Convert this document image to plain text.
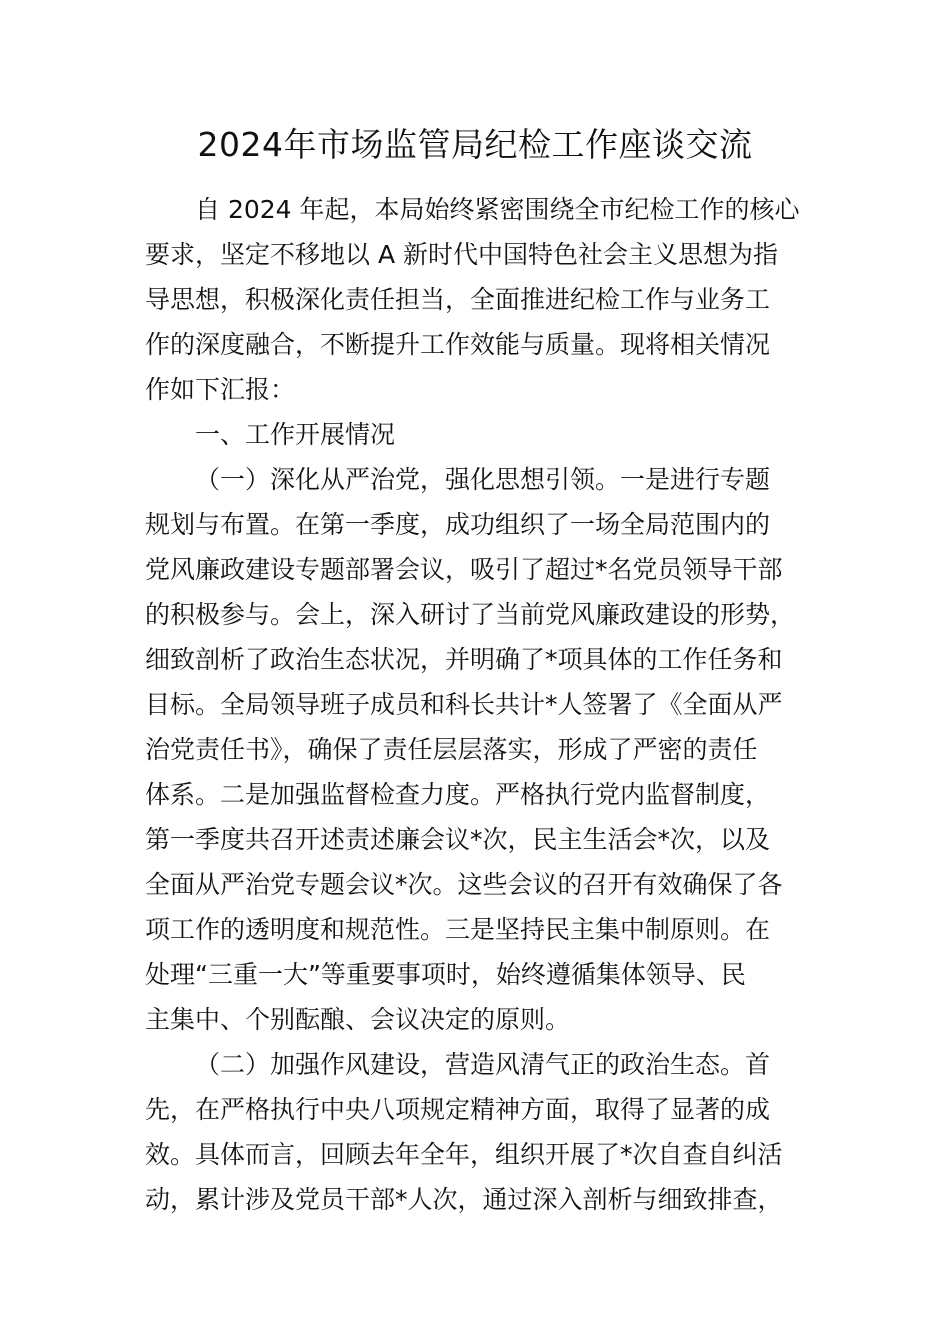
2024年市场监管局纪检工作座谈交流
自 2024 年起，本局始终紧密围绕全市纪检工作的核心
要求，坚定不移地以 A 新时代中国特色社会主义思想为指
导思想，积极深化责任担当，全面推进纪检工作与业务工
作的深度融合，不断提升工作效能与质量。现将相关情况
作如下汇报：
一、工作开展情况
（一）深化从严治党，强化思想引领。一是进行专题
规划与布置。在第一季度，成功组织了一场全局范围内的
党风廉政建设专题部署会议，吸引了超过*名党员领导干部
的积极参与。会上，深入研讨了当前党风廉政建设的形势，
细致剖析了政治生态状况，并明确了*项具体的工作任务和
目标。全局领导班子成员和科长共计*人签署了《全面从严
治党责任书》，确保了责任层层落实，形成了严密的责任
体系。二是加强监督检查力度。严格执行党内监督制度，
第一季度共召开述责述廉会议*次，民主生活会*次，以及
全面从严治党专题会议*次。这些会议的召开有效确保了各
项工作的透明度和规范性。三是坚持民主集中制原则。在
处理“三重一大”等重要事项时，始终遵循集体领导、民
主集中、个别酝酿、会议决定的原则。
（二）加强作风建设，营造风清气正的政治生态。首
先，在严格执行中央八项规定精神方面，取得了显著的成
效。具体而言，回顾去年全年，组织开展了*次自查自纠活
动，累计涉及党员干部*人次，通过深入剖析与细致排查，
